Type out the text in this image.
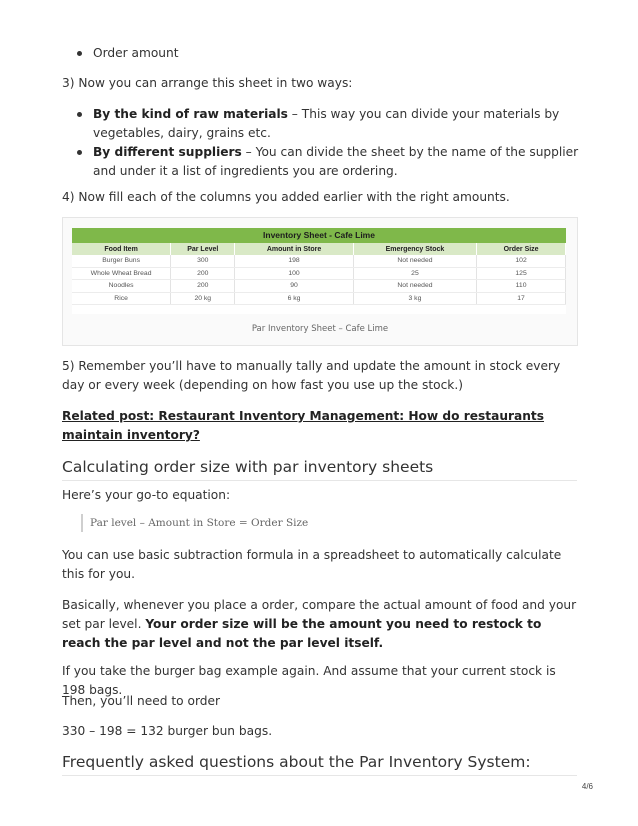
Order amount

3) Now you can arrange this sheet in two ways:

By the kind of raw materials – This way you can divide your materials by vegetables, dairy, grains etc.
By different suppliers – You can divide the sheet by the name of the supplier and under it a list of ingredients you are ordering.

4) Now fill each of the columns you added earlier with the right amounts.

Inventory Sheet - Cafe Lime
Food Item	Par Level	Amount in Store	Emergency Stock	Order Size
Burger Buns	300	198	Not needed	102
Whole Wheat Bread	200	100	25	125
Noodles	200	90	Not needed	110
Rice	20 kg	6 kg	3 kg	17
Par Inventory Sheet – Cafe Lime

5) Remember you’ll have to manually tally and update the amount in stock every day or every week (depending on how fast you use up the stock.)

Related post: Restaurant Inventory Management: How do restaurants maintain inventory?

Calculating order size with par inventory sheets

Here’s your go-to equation:

Par level – Amount in Store = Order Size

You can use basic subtraction formula in a spreadsheet to automatically calculate this for you.

Basically, whenever you place a order, compare the actual amount of food and your set par level. Your order size will be the amount you need to restock to reach the par level and not the par level itself.

If you take the burger bag example again. And assume that your current stock is 198 bags.

Then, you’ll need to order

330 – 198 = 132 burger bun bags.

Frequently asked questions about the Par Inventory System:
4/6
